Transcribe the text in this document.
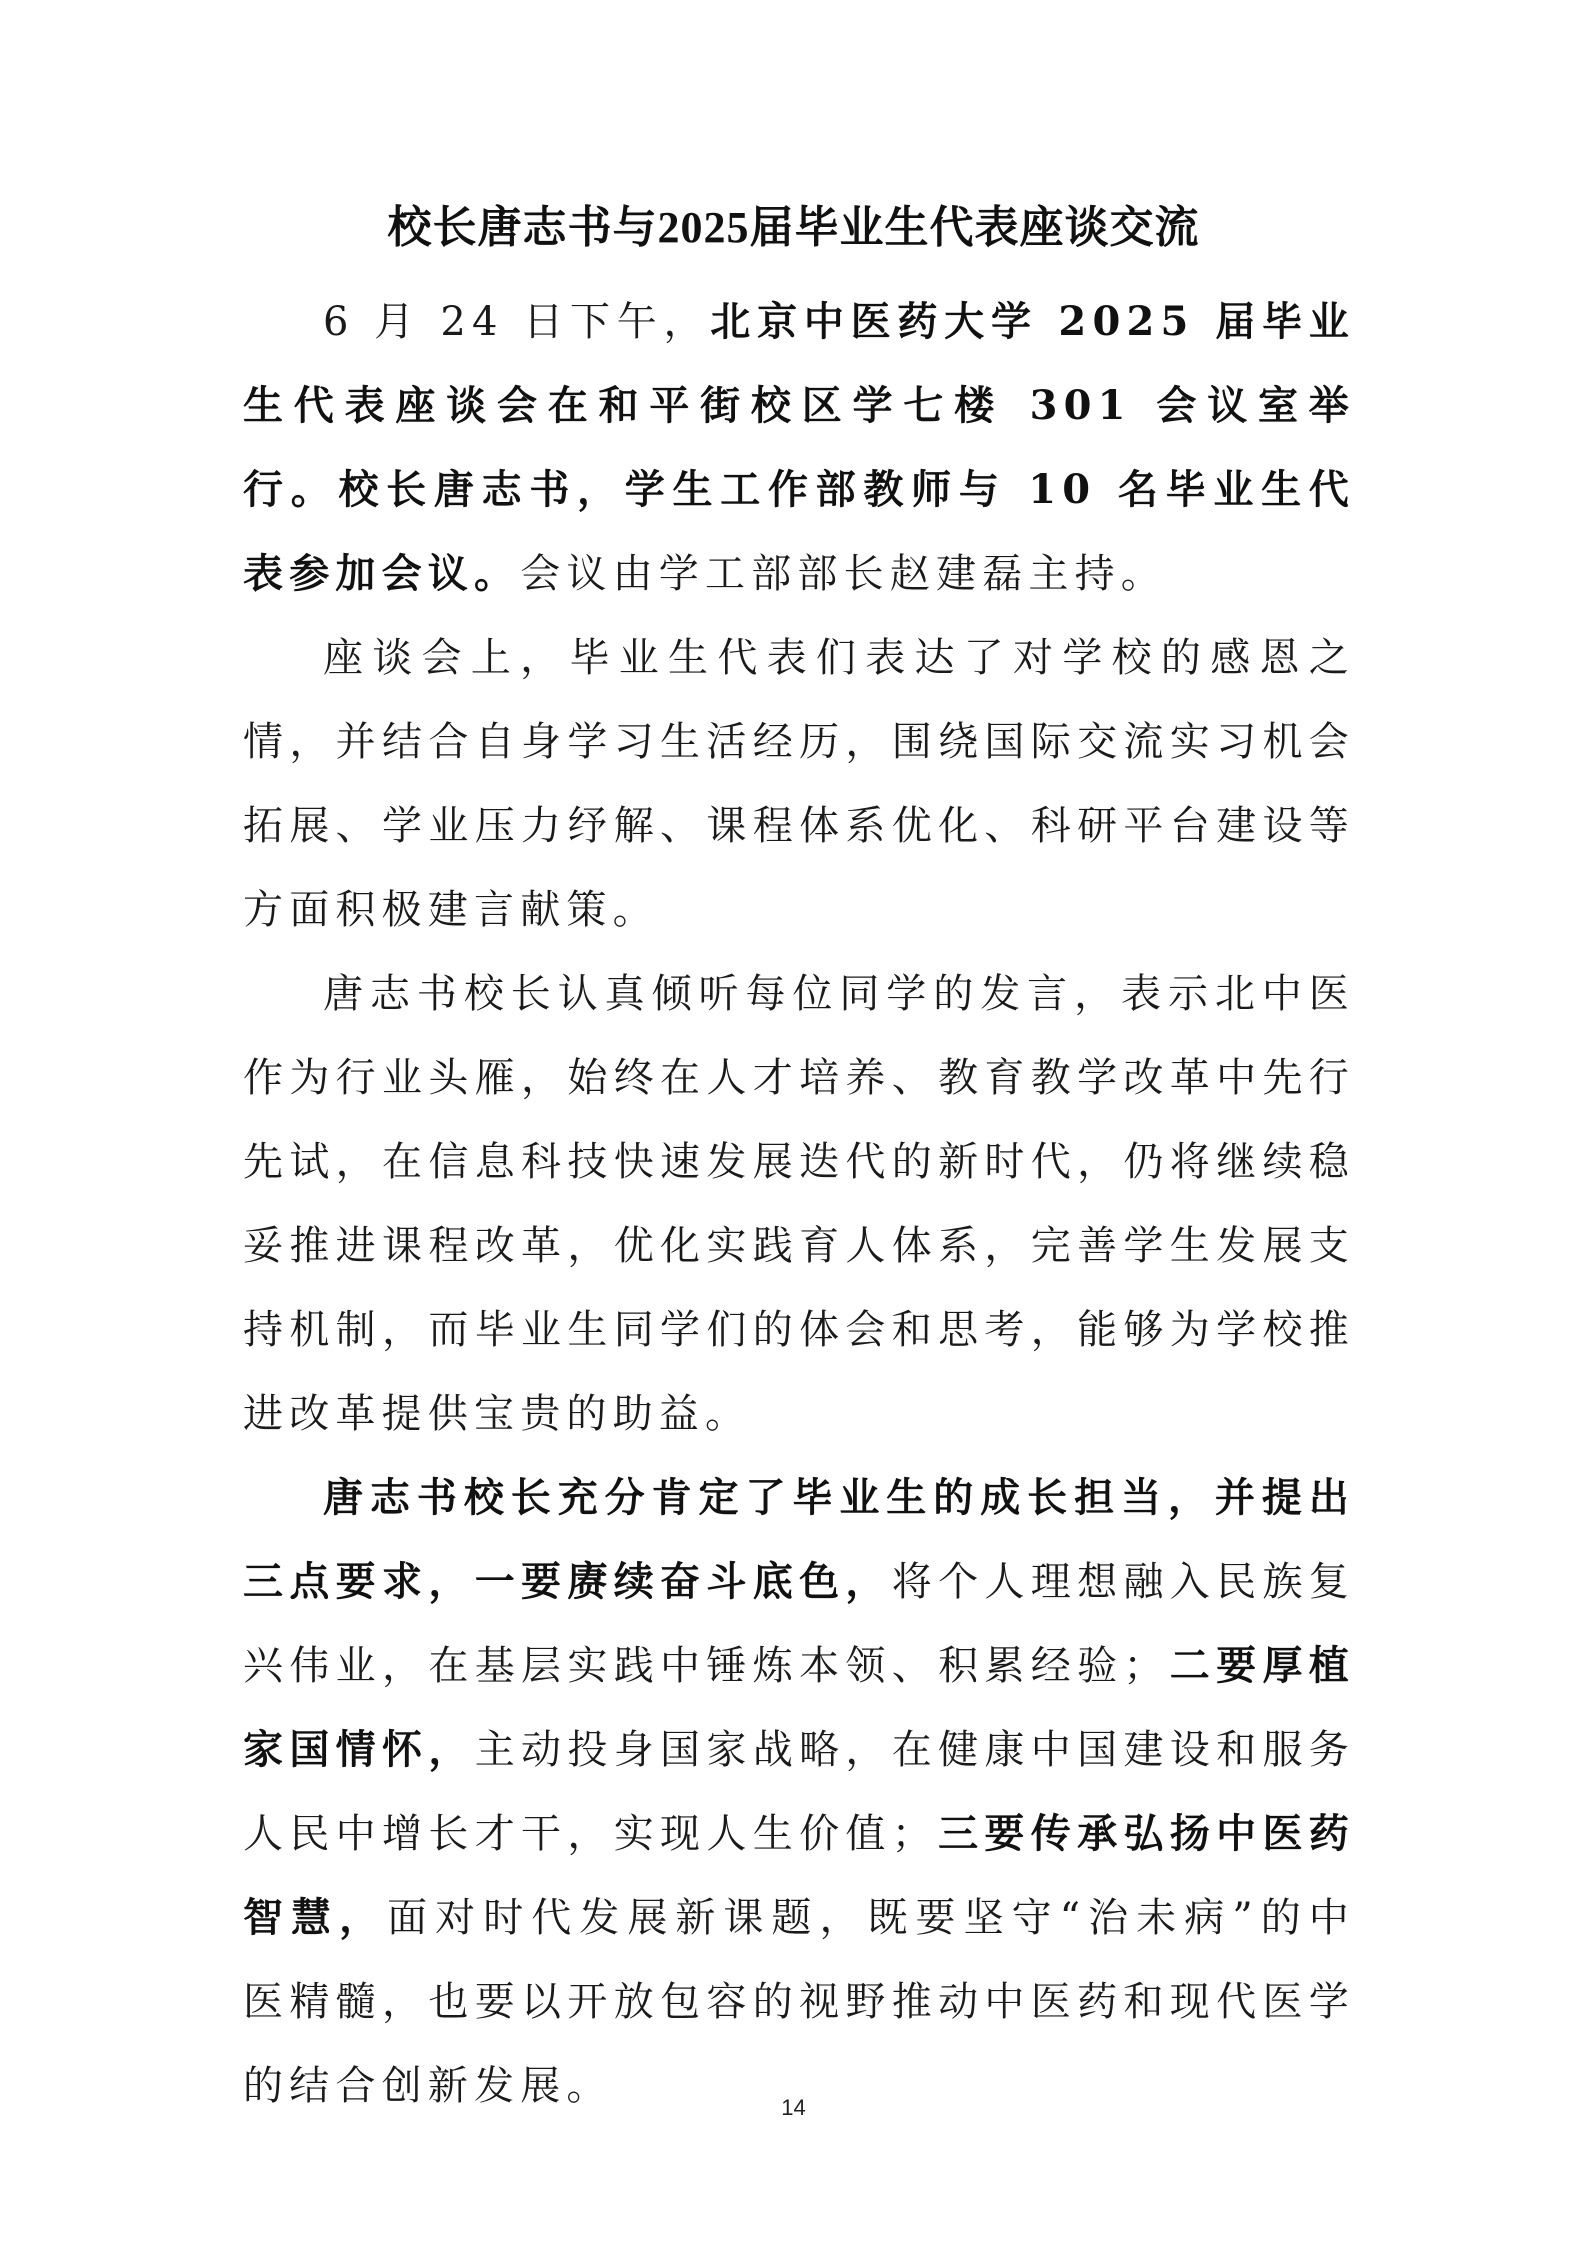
校长唐志书与2025届毕业生代表座谈交流

6 月 24 日下午，北京中医药大学 2025 届毕业生代表座谈会在和平街校区学七楼 301 会议室举行。校长唐志书，学生工作部教师与 10 名毕业生代表参加会议。会议由学工部部长赵建磊主持。

座谈会上，毕业生代表们表达了对学校的感恩之情，并结合自身学习生活经历，围绕国际交流实习机会拓展、学业压力纾解、课程体系优化、科研平台建设等方面积极建言献策。

唐志书校长认真倾听每位同学的发言，表示北中医作为行业头雁，始终在人才培养、教育教学改革中先行先试，在信息科技快速发展迭代的新时代，仍将继续稳妥推进课程改革，优化实践育人体系，完善学生发展支持机制，而毕业生同学们的体会和思考，能够为学校推进改革提供宝贵的助益。

唐志书校长充分肯定了毕业生的成长担当，并提出三点要求，一要赓续奋斗底色，将个人理想融入民族复兴伟业，在基层实践中锤炼本领、积累经验；二要厚植家国情怀，主动投身国家战略，在健康中国建设和服务人民中增长才干，实现人生价值；三要传承弘扬中医药智慧，面对时代发展新课题，既要坚守“治未病”的中医精髓，也要以开放包容的视野推动中医药和现代医学的结合创新发展。	14
